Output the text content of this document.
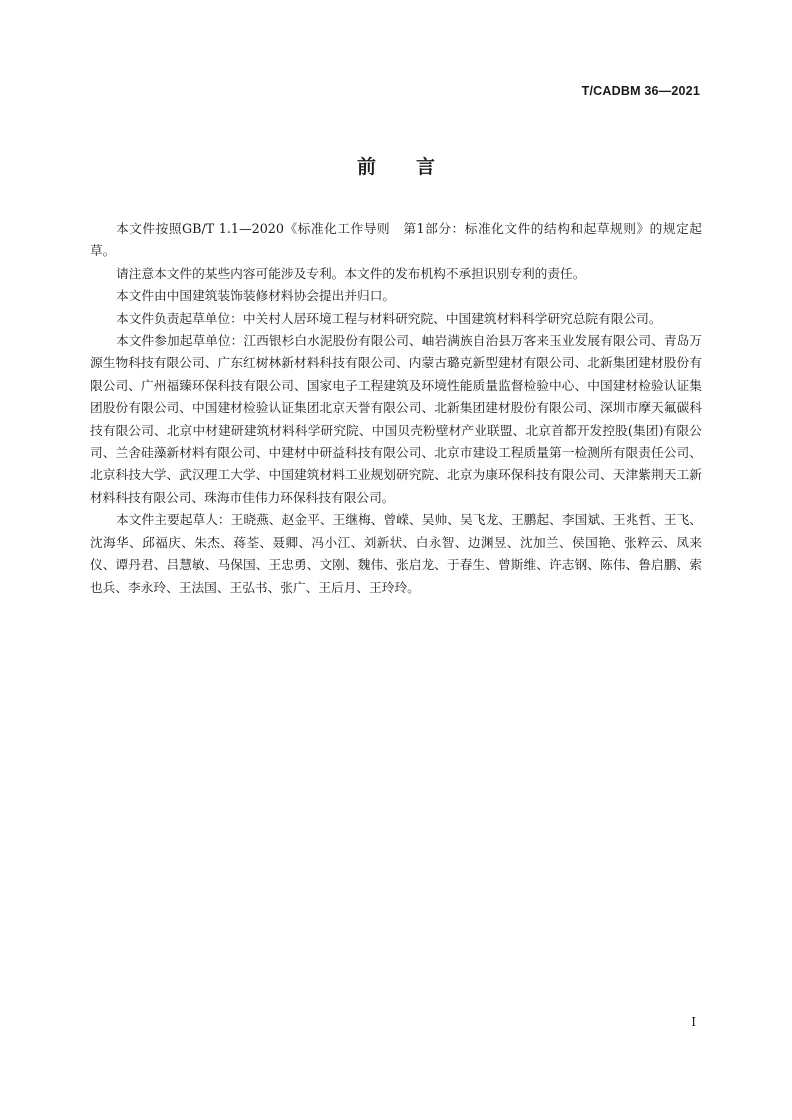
T/CADBM 36—2021
前言

本文件按照GB/T 1.1—2020《标准化工作导则　第1部分：标准化文件的结构和起草规则》的规定起草。

请注意本文件的某些内容可能涉及专利。本文件的发布机构不承担识别专利的责任。

本文件由中国建筑装饰装修材料协会提出并归口。

本文件负责起草单位：中关村人居环境工程与材料研究院、中国建筑材料科学研究总院有限公司。

本文件参加起草单位：江西银杉白水泥股份有限公司、岫岩满族自治县万客来玉业发展有限公司、青岛万源生物科技有限公司、广东红树林新材料科技有限公司、内蒙古璐克新型建材有限公司、北新集团建材股份有限公司、广州福臻环保科技有限公司、国家电子工程建筑及环境性能质量监督检验中心、中国建材检验认证集团股份有限公司、中国建材检验认证集团北京天誉有限公司、北新集团建材股份有限公司、深圳市摩天氟碳科技有限公司、北京中材建研建筑材料科学研究院、中国贝壳粉壁材产业联盟、北京首都开发控股(集团)有限公司、兰舍硅藻新材料有限公司、中建材中研益科技有限公司、北京市建设工程质量第一检测所有限责任公司、北京科技大学、武汉理工大学、中国建筑材料工业规划研究院、北京为康环保科技有限公司、天津紫荆天工新材料科技有限公司、珠海市佳伟力环保科技有限公司。

本文件主要起草人：王晓燕、赵金平、王继梅、曾嵘、吴帅、吴飞龙、王鹏起、李国斌、王兆哲、王飞、沈海华、邱福庆、朱杰、蒋荃、聂卿、冯小江、刘新状、白永智、边渊昱、沈加兰、侯国艳、张粹云、凤来仪、谭丹君、吕慧敏、马保国、王忠勇、文刚、魏伟、张启龙、于春生、曾斯维、许志钢、陈伟、鲁启鹏、索也兵、李永玲、王法国、王弘书、张广、王后月、王玲玲。

I
